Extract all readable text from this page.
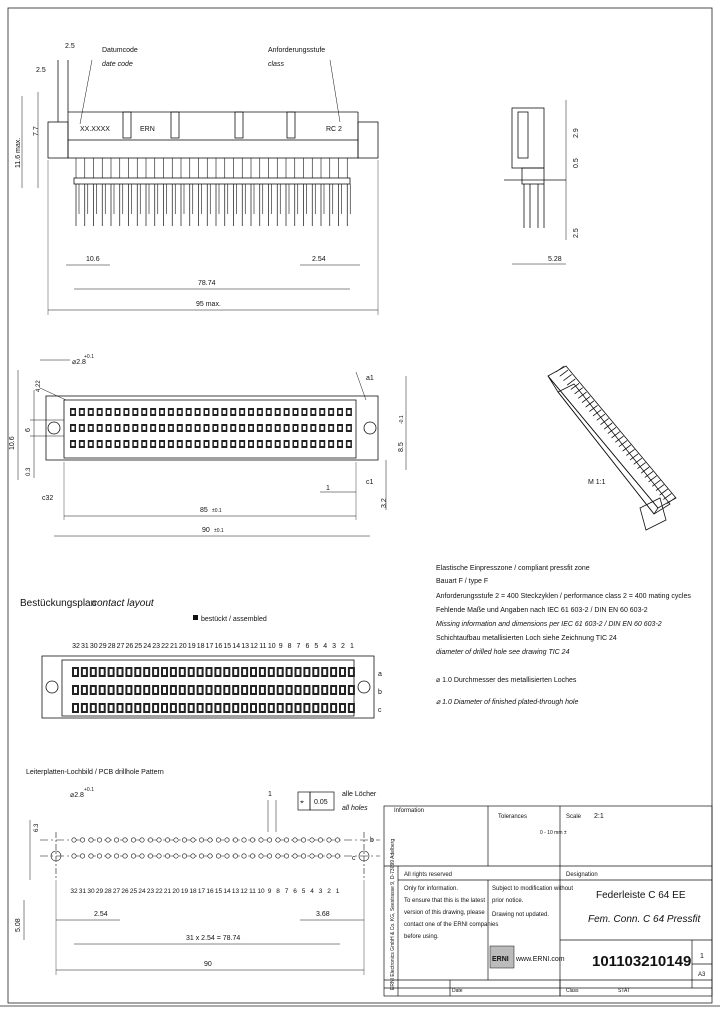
2.5
2.5
Datumcode
date code
Anforderungsstufe
class
XX.XXXX	ERN	RC 2
11.6 max.
7.7
10.6	2.54
78.74
95 max.
2.9
0.5
2.5
5.28
⌀2.8
+0.1
4.22
10.6
6
0.3
8.5
-0.1
3.2
1
85 ±0.1
90 ±0.1
a1
c1
c32
M 1:1
Elastische Einpresszone / compliant pressfit zone
Bauart F / type F
Anforderungsstufe 2 = 400 Steckzyklen / performance class 2 = 400 mating cycles
Fehlende Maße und Angaben nach IEC 61 603-2 / DIN EN 60 603-2
Missing information and dimensions per IEC 61 603-2 / DIN EN 60 603-2
Schichtaufbau metallisierten Loch siehe Zeichnung TIC 24
diameter of drilled hole see drawing TIC 24
⌀ 1.0 Durchmesser des metallisierten Loches
⌀ 1.0 Diameter of finished plated-through hole
Bestückungsplan
contact layout
bestückt / assembled
32 31 30 29 28 27 26 25 24 23 22 21 20 19 18 17 16 15 14 13 12 11 10 9 8 7 6 5 4 3 2 1
a
b
c
Leiterplatten-Lochbild / PCB drillhole Pattern
⌀2.8
+0.1
⌖ 0.05
alle Löcher
all holes
1
32 31 30 29 28 27 26 25 24 23 22 21 20 19 18 17 16 15 14 13 12 11 10 9 8 7 6 5 4 3 2 1
b
c
6.3
5.08
2.54	3.68
31 x 2.54 = 78.74
90
Information
Tolerances
0 - 10 mm ±
Scale 2:1
Designation
Federleiste C 64 EE
Fem. Conn. C 64 Pressfit
All rights reserved
Only for information.
To ensure that this is the latest
version of this drawing, please
contact one of the ERNI companies
before using.
Subject to modification without
prior notice.
Drawing not updated.
ERNI www.ERNI.com 101103210149 1
A3
Date	Class	STAT
ERNI Electronics GmbH & Co. KG, Seestrasse 9, D-73099 Adelberg
